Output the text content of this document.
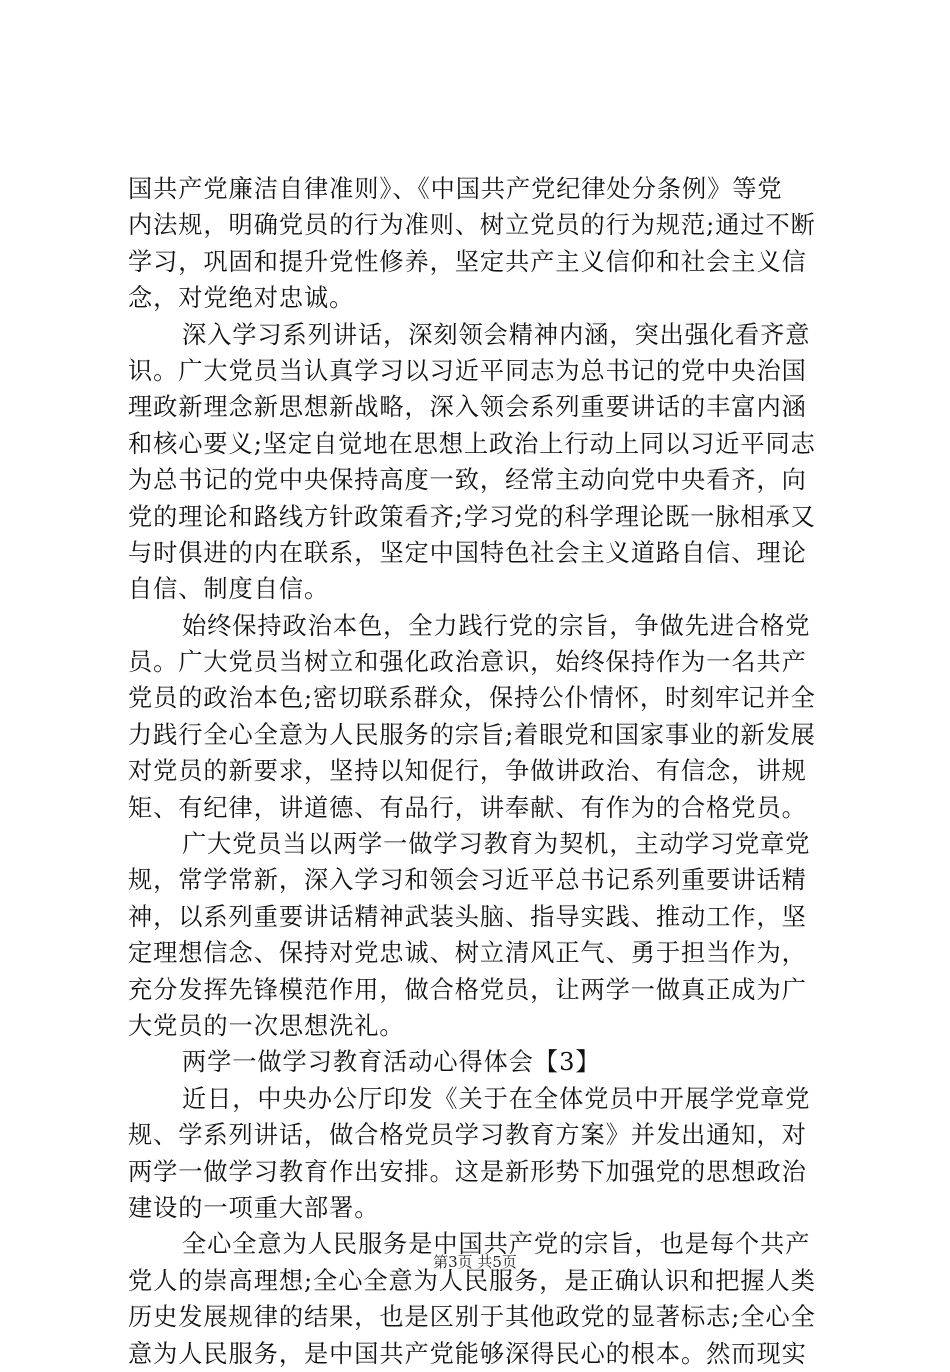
国共产党廉洁自律准则》、《中国共产党纪律处分条例》等党
内法规，明确党员的行为准则、树立党员的行为规范;通过不断
学习，巩固和提升党性修养，坚定共产主义信仰和社会主义信
念，对党绝对忠诚。
深入学习系列讲话，深刻领会精神内涵，突出强化看齐意
识。广大党员当认真学习以习近平同志为总书记的党中央治国
理政新理念新思想新战略，深入领会系列重要讲话的丰富内涵
和核心要义;坚定自觉地在思想上政治上行动上同以习近平同志
为总书记的党中央保持高度一致，经常主动向党中央看齐，向
党的理论和路线方针政策看齐;学习党的科学理论既一脉相承又
与时俱进的内在联系，坚定中国特色社会主义道路自信、理论
自信、制度自信。
始终保持政治本色，全力践行党的宗旨，争做先进合格党
员。广大党员当树立和强化政治意识，始终保持作为一名共产
党员的政治本色;密切联系群众，保持公仆情怀，时刻牢记并全
力践行全心全意为人民服务的宗旨;着眼党和国家事业的新发展
对党员的新要求，坚持以知促行，争做讲政治、有信念，讲规
矩、有纪律，讲道德、有品行，讲奉献、有作为的合格党员。
广大党员当以两学一做学习教育为契机，主动学习党章党
规，常学常新，深入学习和领会习近平总书记系列重要讲话精
神，以系列重要讲话精神武装头脑、指导实践、推动工作，坚
定理想信念、保持对党忠诚、树立清风正气、勇于担当作为，
充分发挥先锋模范作用，做合格党员，让两学一做真正成为广
大党员的一次思想洗礼。
两学一做学习教育活动心得体会【3】
近日，中央办公厅印发《关于在全体党员中开展学党章党
规、学系列讲话，做合格党员学习教育方案》并发出通知，对
两学一做学习教育作出安排。这是新形势下加强党的思想政治
建设的一项重大部署。
全心全意为人民服务是中国共产党的宗旨，也是每个共产
党人的崇高理想;全心全意为人民服务，是正确认识和把握人类
历史发展规律的结果，也是区别于其他政党的显著标志;全心全
意为人民服务，是中国共产党能够深得民心的根本。然而现实
第3页 共5页
